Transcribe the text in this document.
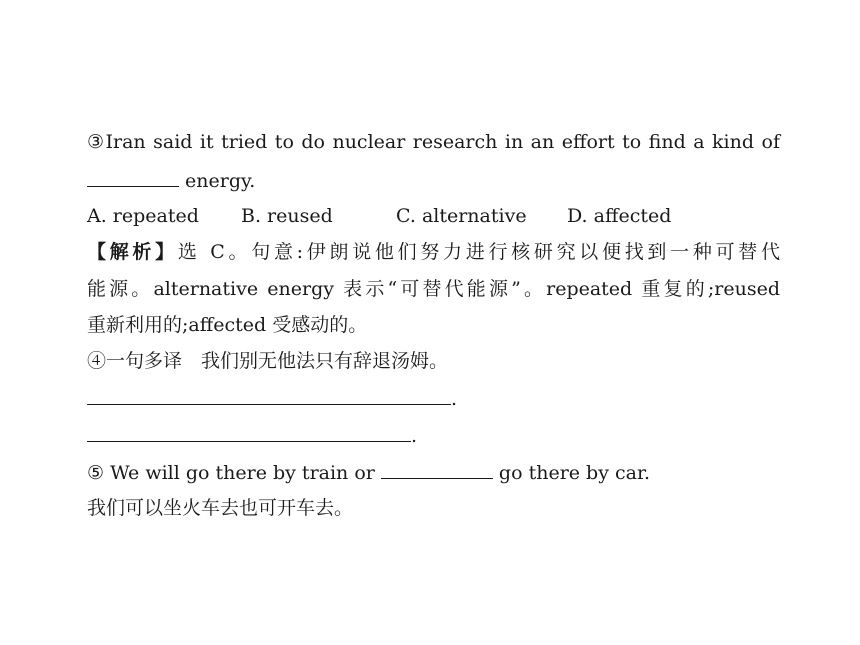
③Iran said it tried to do nuclear research in an effort to find a kind of
energy.
A. repeated B. reused	C. alternative D. affected
【解析】选 C。句意:伊朗说他们努力进行核研究以便找到一种可替代
能源。alternative energy 表示“可替代能源”。repeated 重复的;reused
重新利用的;affected 受感动的。
④一句多译　我们别无他法只有辞退汤姆。
.
.
⑤ We will go there by train or	go there by car.
我们可以坐火车去也可开车去。
